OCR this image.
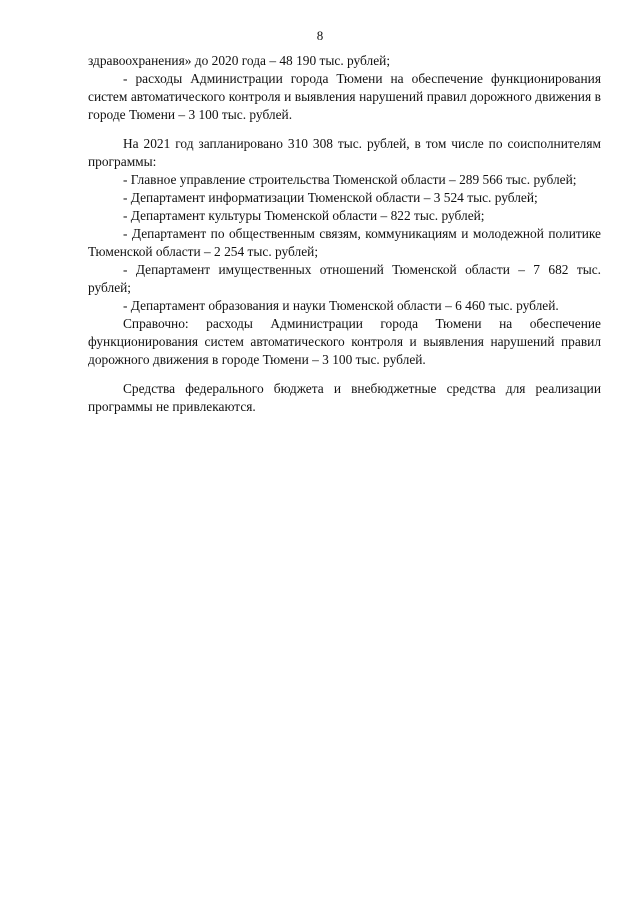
8

здравоохранения» до 2020 года – 48 190 тыс. рублей;

- расходы Администрации города Тюмени на обеспечение функционирования систем автоматического контроля и выявления нарушений правил дорожного движения в городе Тюмени – 3 100 тыс. рублей.

На 2021 год запланировано 310 308 тыс. рублей, в том числе по соисполнителям программы:

- Главное управление строительства Тюменской области – 289 566 тыс. рублей;

- Департамент информатизации Тюменской области – 3 524 тыс. рублей;

- Департамент культуры Тюменской области – 822 тыс. рублей;

- Департамент по общественным связям, коммуникациям и молодежной политике Тюменской области – 2 254 тыс. рублей;

- Департамент имущественных отношений Тюменской области – 7 682 тыс. рублей;

- Департамент образования и науки Тюменской области – 6 460 тыс. рублей.

Справочно: расходы Администрации города Тюмени на обеспечение функционирования систем автоматического контроля и выявления нарушений правил дорожного движения в городе Тюмени – 3 100 тыс. рублей.

Средства федерального бюджета и внебюджетные средства для реализации программы не привлекаются.
